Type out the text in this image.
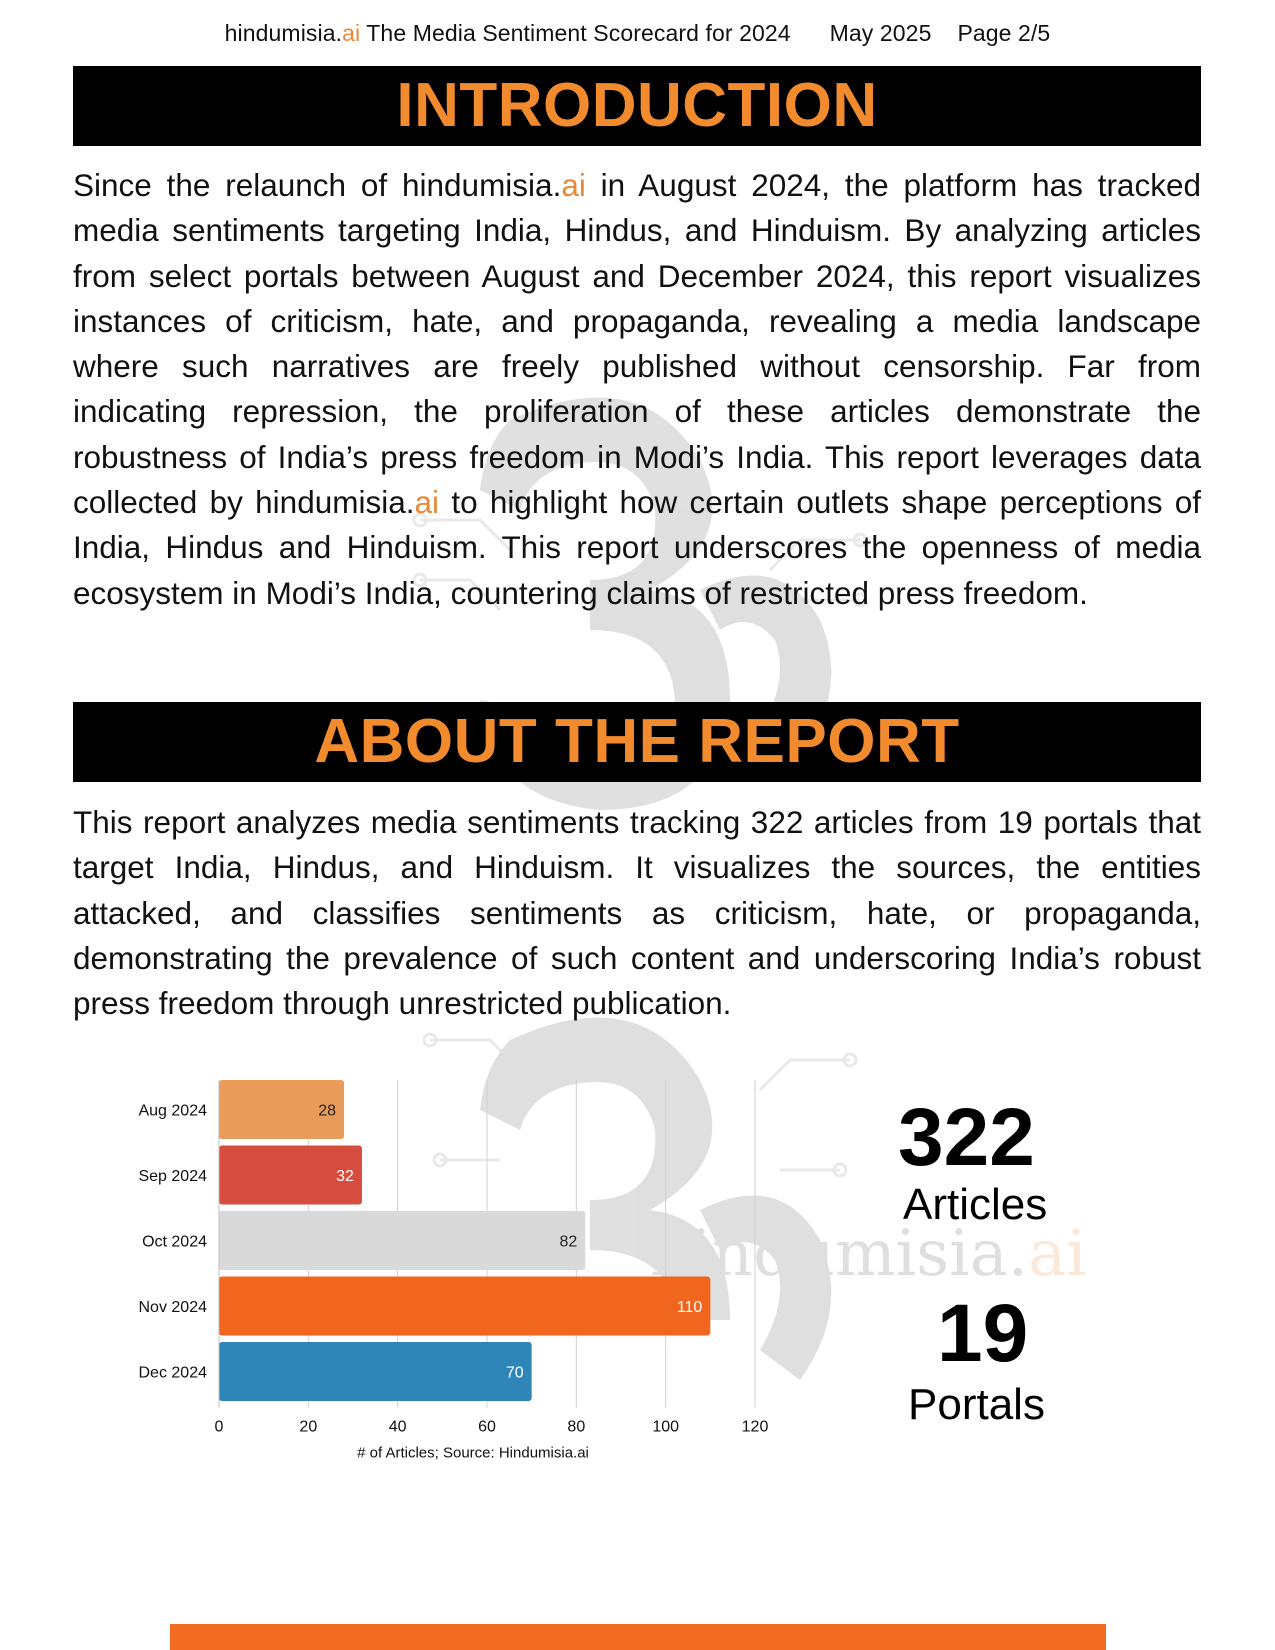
hindumisia.ai The Media Sentiment Scorecard for 2024 May 2025 Page 2/5
hindumisia.ai
INTRODUCTION

Since the relaunch of hindumisia.ai in August 2024, the platform has tracked media sentiments targeting India, Hindus, and Hinduism. By analyzing articles from select portals between August and December 2024, this report visualizes instances of criticism, hate, and propaganda, revealing a media landscape where such narratives are freely published without censorship. Far from indicating repression, the proliferation of these articles demonstrate the robustness of India’s press freedom in Modi’s India. This report leverages data collected by hindumisia.ai to highlight how certain outlets shape perceptions of India, Hindus and Hinduism. This report underscores the openness of media ecosystem in Modi’s India, countering claims of restricted press freedom.

ABOUT THE REPORT

This report analyzes media sentiments tracking 322 articles from 19 portals that target India, Hindus, and Hinduism. It visualizes the sources, the entities attacked, and classifies sentiments as criticism, hate, or propaganda, demonstrating the prevalence of such content and underscoring India’s robust press freedom through unrestricted publication.

28
Aug 2024
32
Sep 2024
82
Oct 2024
110
Nov 2024
70
Dec 2024
0	20	40	60	80	100	120
# of Articles; Source: Hindumisia.ai
322
Articles
19
Portals
